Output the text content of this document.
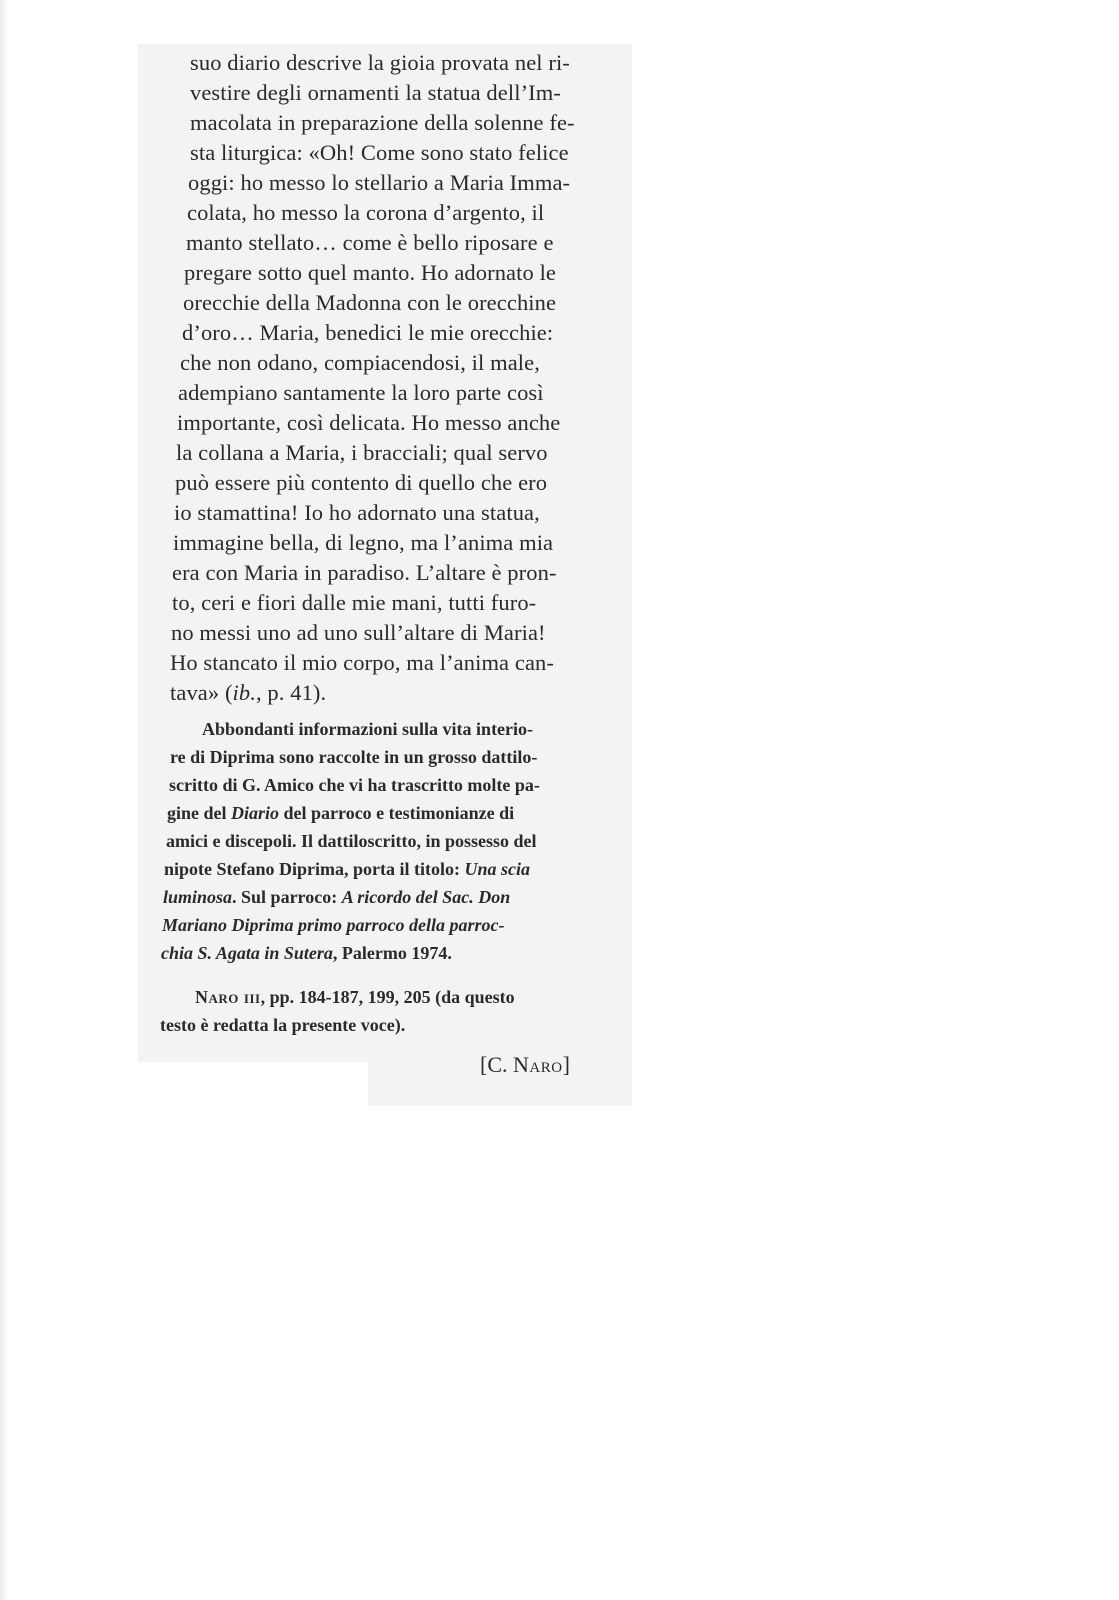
suo diario descrive la gioia provata nel ri-
vestire degli ornamenti la statua dell’Im-
macolata in preparazione della solenne fe-
sta liturgica: «Oh! Come sono stato felice
oggi: ho messo lo stellario a Maria Imma-
colata, ho messo la corona d’argento, il
manto stellato… come è bello riposare e
pregare sotto quel manto. Ho adornato le
orecchie della Madonna con le orecchine
d’oro… Maria, benedici le mie orecchie:
che non odano, compiacendosi, il male,
adempiano santamente la loro parte così
importante, così delicata. Ho messo anche
la collana a Maria, i bracciali; qual servo
può essere più contento di quello che ero
io stamattina! Io ho adornato una statua,
immagine bella, di legno, ma l’anima mia
era con Maria in paradiso. L’altare è pron-
to, ceri e fiori dalle mie mani, tutti furo-
no messi uno ad uno sull’altare di Maria!
Ho stancato il mio corpo, ma l’anima can-
tava» (ib., p. 41).
Abbondanti informazioni sulla vita interio-
re di Diprima sono raccolte in un grosso dattilo-
scritto di G. Amico che vi ha trascritto molte pa-
gine del Diario del parroco e testimonianze di
amici e discepoli. Il dattiloscritto, in possesso del
nipote Stefano Diprima, porta il titolo: Una scia
luminosa. Sul parroco: A ricordo del Sac. Don
Mariano Diprima primo parroco della parroc-
chia S. Agata in Sutera, Palermo 1974.
Naro iii, pp. 184-187, 199, 205 (da questo
testo è redatta la presente voce).
[C. Naro]
